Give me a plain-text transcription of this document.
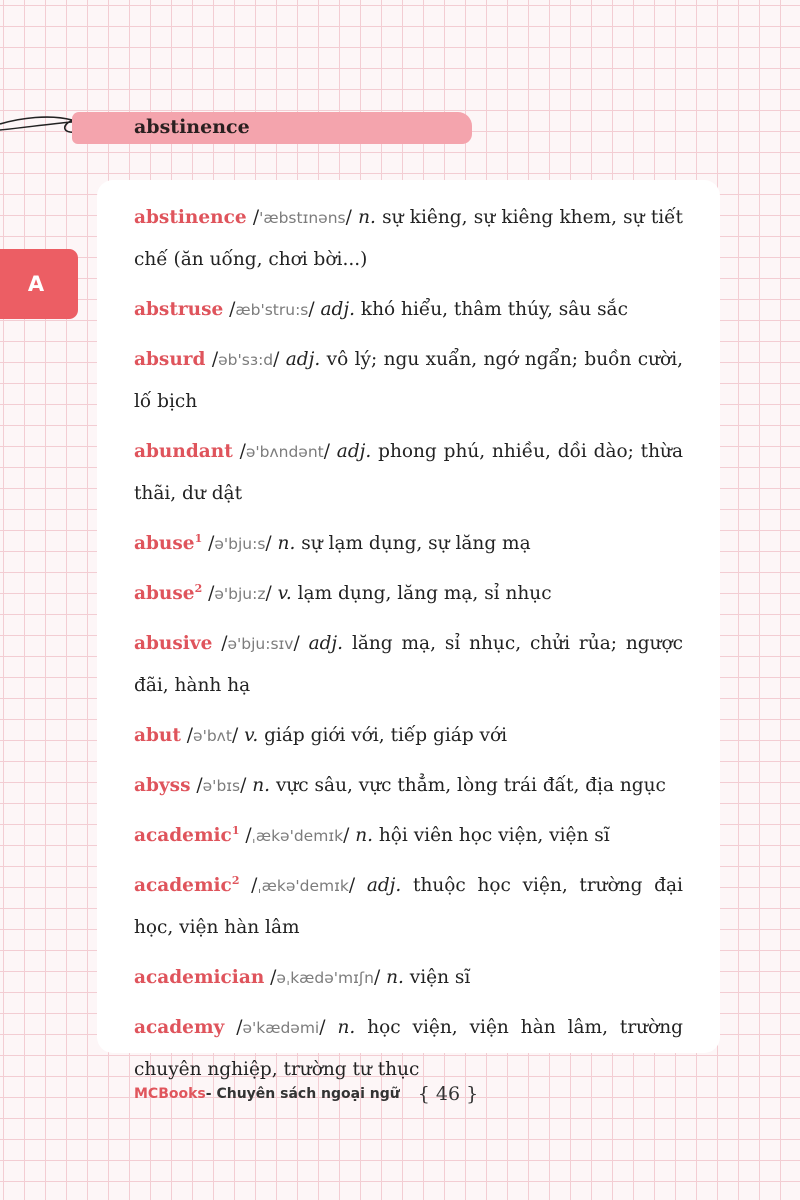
abstinence
A

abstinence /'æbstɪnəns/ n. sự kiêng, sự kiêng khem, sự tiết chế (ăn uống, chơi bời...)

abstruse /æb'stru:s/ adj. khó hiểu, thâm thúy, sâu sắc

absurd /əb'sɜ:d/ adj. vô lý; ngu xuẩn, ngớ ngẩn; buồn cười, lố bịch

abundant /ə'bʌndənt/ adj. phong phú, nhiều, dồi dào; thừa thãi, dư dật

abuse$^1$ /ə'bju:s/ n. sự lạm dụng, sự lăng mạ

abuse$^2$ /ə'bju:z/ v. lạm dụng, lăng mạ, sỉ nhục

abusive /ə'bju:sɪv/ adj. lăng mạ, sỉ nhục, chửi rủa; ngược đãi, hành hạ

abut /ə'bʌt/ v. giáp giới với, tiếp giáp với

abyss /ə'bɪs/ n. vực sâu, vực thẳm, lòng trái đất, địa ngục

academic$^1$ /ˌækə'demɪk/ n. hội viên học viện, viện sĩ

academic$^2$ /ˌækə'demɪk/ adj. thuộc học viện, trường đại học, viện hàn lâm

academician /əˌkædə'mɪʃn/ n. viện sĩ

academy /ə'kædəmi/ n. học viện, viện hàn lâm, trường chuyên nghiệp, trường tư thục

MCBooks - Chuyên sách ngoại ngữ { 46 }
